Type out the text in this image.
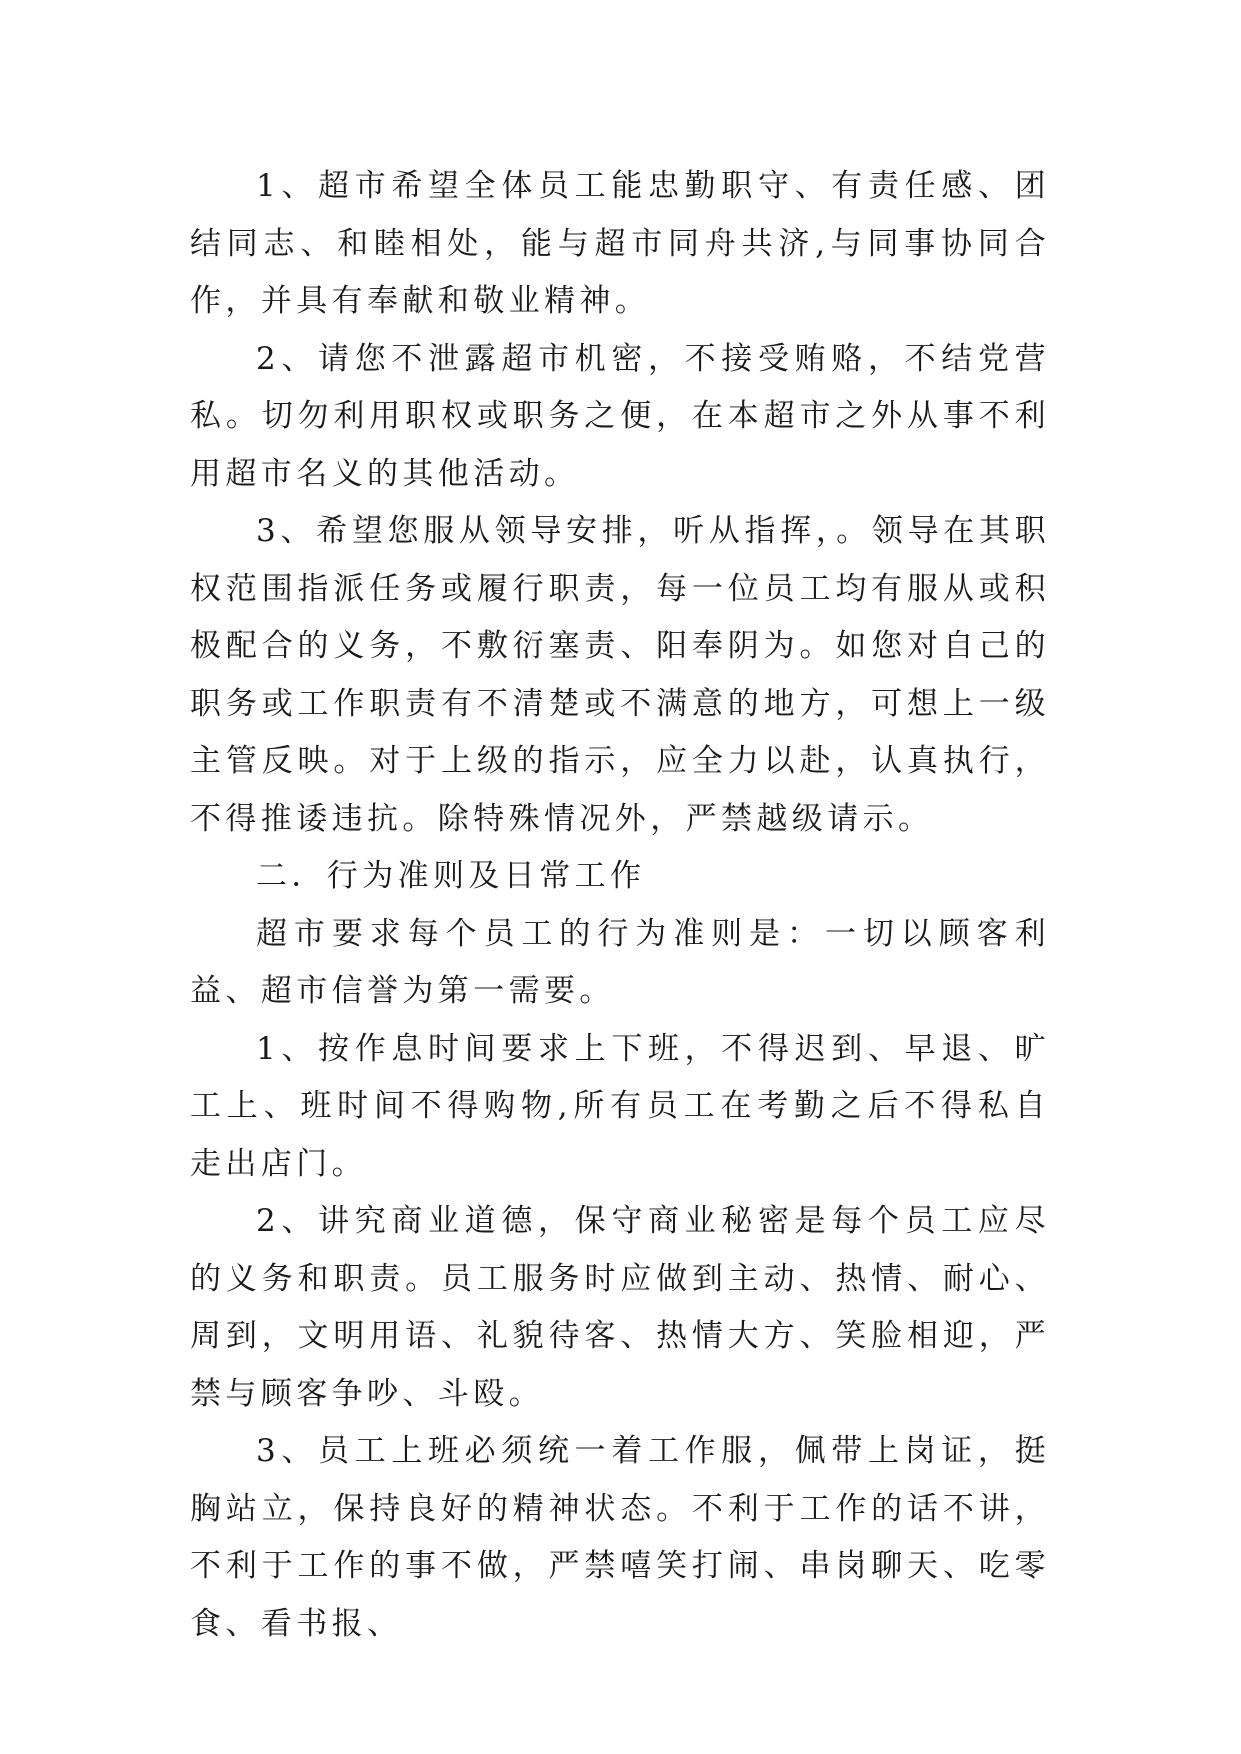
1、超市希望全体员工能忠勤职守、有责任感、团结同志、和睦相处，能与超市同舟共济,与同事协同合作，并具有奉献和敬业精神。

2、请您不泄露超市机密，不接受贿赂，不结党营私。切勿利用职权或职务之便，在本超市之外从事不利用超市名义的其他活动。

3、希望您服从领导安排，听从指挥，。领导在其职权范围指派任务或履行职责，每一位员工均有服从或积极配合的义务，不敷衍塞责、阳奉阴为。如您对自己的职务或工作职责有不清楚或不满意的地方，可想上一级主管反映。对于上级的指示，应全力以赴，认真执行，不得推诿违抗。除特殊情况外，严禁越级请示。

二．行为准则及日常工作

超市要求每个员工的行为准则是：一切以顾客利益、超市信誉为第一需要。

1、按作息时间要求上下班，不得迟到、早退、旷工上、班时间不得购物,所有员工在考勤之后不得私自走出店门。

2、讲究商业道德，保守商业秘密是每个员工应尽的义务和职责。员工服务时应做到主动、热情、耐心、周到，文明用语、礼貌待客、热情大方、笑脸相迎，严禁与顾客争吵、斗殴。

3、员工上班必须统一着工作服，佩带上岗证，挺胸站立，保持良好的精神状态。不利于工作的话不讲，不利于工作的事不做，严禁嘻笑打闹、串岗聊天、吃零食、看书报、
